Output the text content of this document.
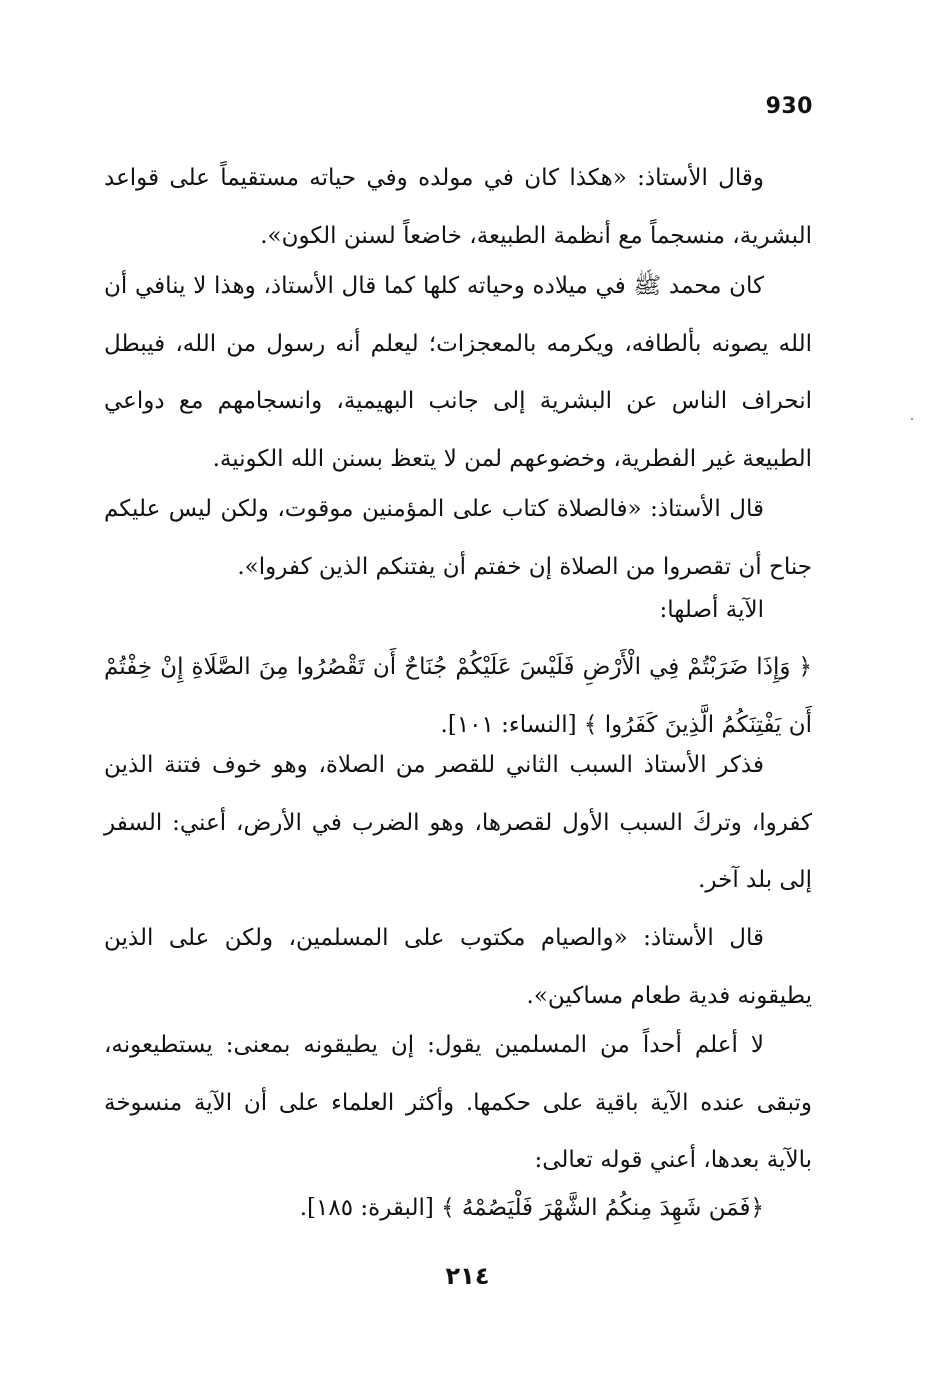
930

وقال الأستاذ: «هكذا كان في مولده وفي حياته مستقيماً على قواعد البشرية، منسجماً مع أنظمة الطبيعة، خاضعاً لسنن الكون».

كان محمد ﷺ في ميلاده وحياته كلها كما قال الأستاذ، وهذا لا ينافي أن الله يصونه بألطافه، ويكرمه بالمعجزات؛ ليعلم أنه رسول من الله، فيبطل انحراف الناس عن البشرية إلى جانب البهيمية، وانسجامهم مع دواعي الطبيعة غير الفطرية، وخضوعهم لمن لا يتعظ بسنن الله الكونية.

قال الأستاذ: «فالصلاة كتاب على المؤمنين موقوت، ولكن ليس عليكم جناح أن تقصروا من الصلاة إن خفتم أن يفتنكم الذين كفروا».

الآية أصلها:

﴿ وَإِذَا ضَرَبْتُمْ فِي الْأَرْضِ فَلَيْسَ عَلَيْكُمْ جُنَاحٌ أَن تَقْصُرُوا مِنَ الصَّلَاةِ إِنْ خِفْتُمْ أَن يَفْتِنَكُمُ الَّذِينَ كَفَرُوا ﴾ [النساء: ١٠١].

فذكر الأستاذ السبب الثاني للقصر من الصلاة، وهو خوف فتنة الذين كفروا، وتركَ السبب الأول لقصرها، وهو الضرب في الأرض، أعني: السفر إلى بلد آخر.

قال الأستاذ: «والصيام مكتوب على المسلمين، ولكن على الذين يطيقونه فدية طعام مساكين».

لا أعلم أحداً من المسلمين يقول: إن يطيقونه بمعنى: يستطيعونه، وتبقى عنده الآية باقية على حكمها. وأكثر العلماء على أن الآية منسوخة بالآية بعدها، أعني قوله تعالى:

﴿فَمَن شَهِدَ مِنكُمُ الشَّهْرَ فَلْيَصُمْهُ ﴾ [البقرة: ١٨٥].

٢١٤
